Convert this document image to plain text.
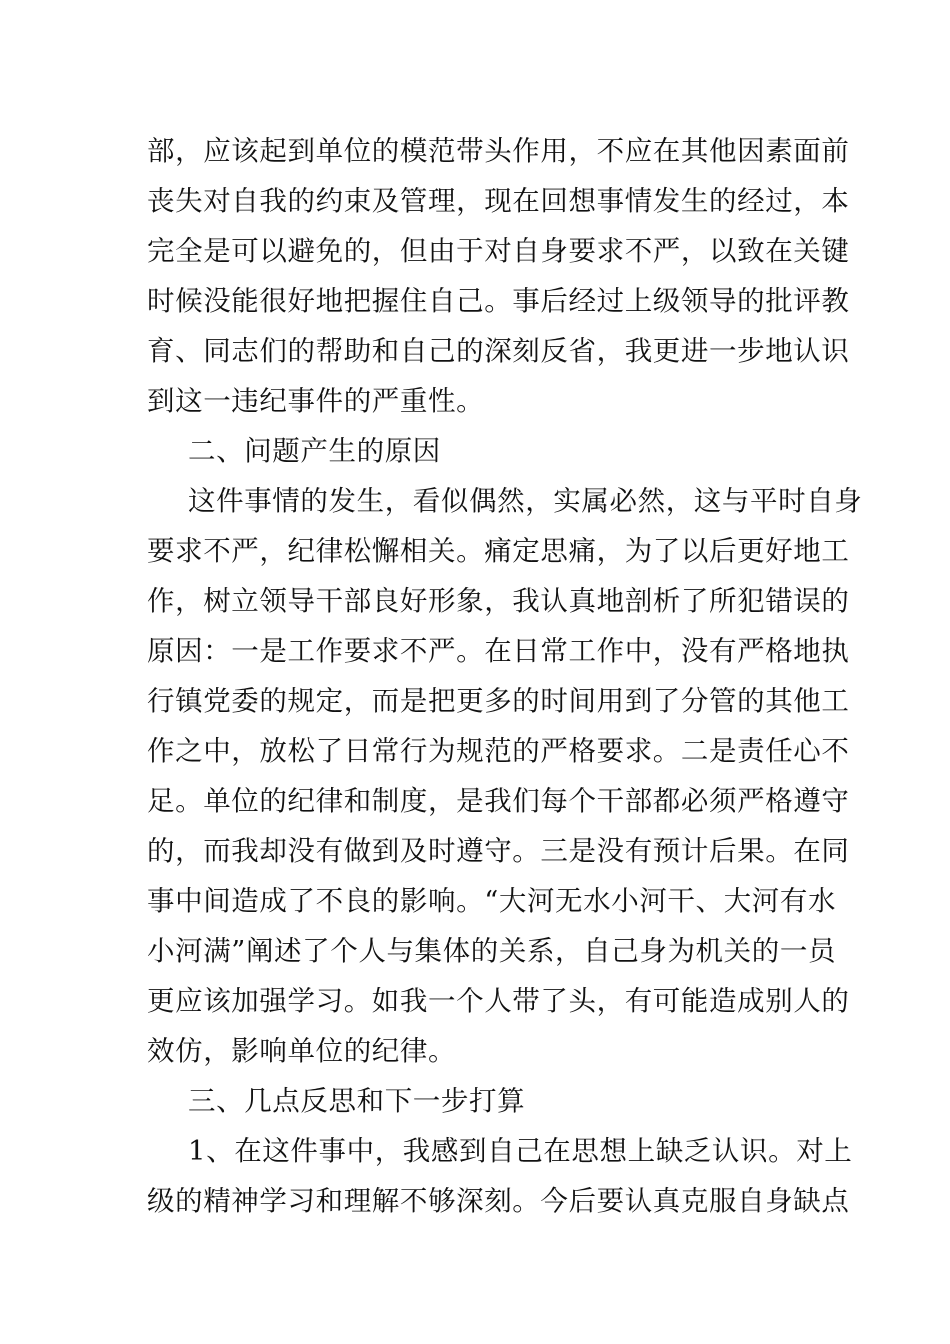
部，应该起到单位的模范带头作用，不应在其他因素面前

丧失对自我的约束及管理，现在回想事情发生的经过，本

完全是可以避免的，但由于对自身要求不严，以致在关键

时候没能很好地把握住自己。事后经过上级领导的批评教

育、同志们的帮助和自己的深刻反省，我更进一步地认识

到这一违纪事件的严重性。

二、问题产生的原因

这件事情的发生，看似偶然，实属必然，这与平时自身

要求不严，纪律松懈相关。痛定思痛，为了以后更好地工

作，树立领导干部良好形象，我认真地剖析了所犯错误的

原因：一是工作要求不严。在日常工作中，没有严格地执

行镇党委的规定，而是把更多的时间用到了分管的其他工

作之中，放松了日常行为规范的严格要求。二是责任心不

足。单位的纪律和制度，是我们每个干部都必须严格遵守

的，而我却没有做到及时遵守。三是没有预计后果。在同

事中间造成了不良的影响。“大河无水小河干、大河有水

小河满”阐述了个人与集体的关系，自己身为机关的一员

更应该加强学习。如我一个人带了头，有可能造成别人的

效仿，影响单位的纪律。

三、几点反思和下一步打算

1、在这件事中，我感到自己在思想上缺乏认识。对上

级的精神学习和理解不够深刻。今后要认真克服自身缺点
